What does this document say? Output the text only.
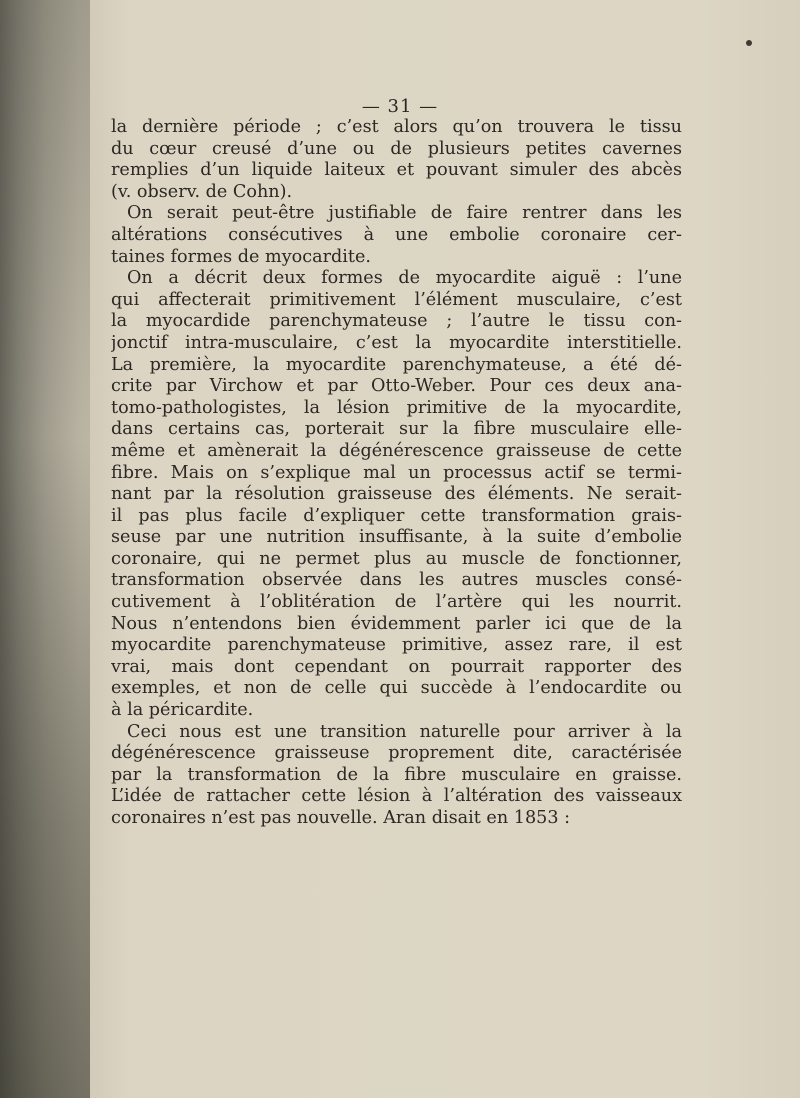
— 31 —
la dernière période ; c’est alors qu’on trouvera le tissu
du cœur creusé d’une ou de plusieurs petites cavernes
remplies d’un liquide laiteux et pouvant simuler des abcès
(v. observ. de Cohn).
On serait peut-être justifiable de faire rentrer dans les
altérations consécutives à une embolie coronaire cer-
taines formes de myocardite.
On a décrit deux formes de myocardite aiguë : l’une
qui affecterait primitivement l’élément musculaire, c’est
la myocardide parenchymateuse ; l’autre le tissu con-
jonctif intra-musculaire, c’est la myocardite interstitielle.
La première, la myocardite parenchymateuse, a été dé-
crite par Virchow et par Otto-Weber. Pour ces deux ana-
tomo-pathologistes, la lésion primitive de la myocardite,
dans certains cas, porterait sur la fibre musculaire elle-
même et amènerait la dégénérescence graisseuse de cette
fibre. Mais on s’explique mal un processus actif se termi-
nant par la résolution graisseuse des éléments. Ne serait-
il pas plus facile d’expliquer cette transformation grais-
seuse par une nutrition insuffisante, à la suite d’embolie
coronaire, qui ne permet plus au muscle de fonctionner,
transformation observée dans les autres muscles consé-
cutivement à l’oblitération de l’artère qui les nourrit.
Nous n’entendons bien évidemment parler ici que de la
myocardite parenchymateuse primitive, assez rare, il est
vrai, mais dont cependant on pourrait rapporter des
exemples, et non de celle qui succède à l’endocardite ou
à la péricardite.
Ceci nous est une transition naturelle pour arriver à la
dégénérescence graisseuse proprement dite, caractérisée
par la transformation de la fibre musculaire en graisse.
L’idée de rattacher cette lésion à l’altération des vaisseaux
coronaires n’est pas nouvelle. Aran disait en 1853 :
